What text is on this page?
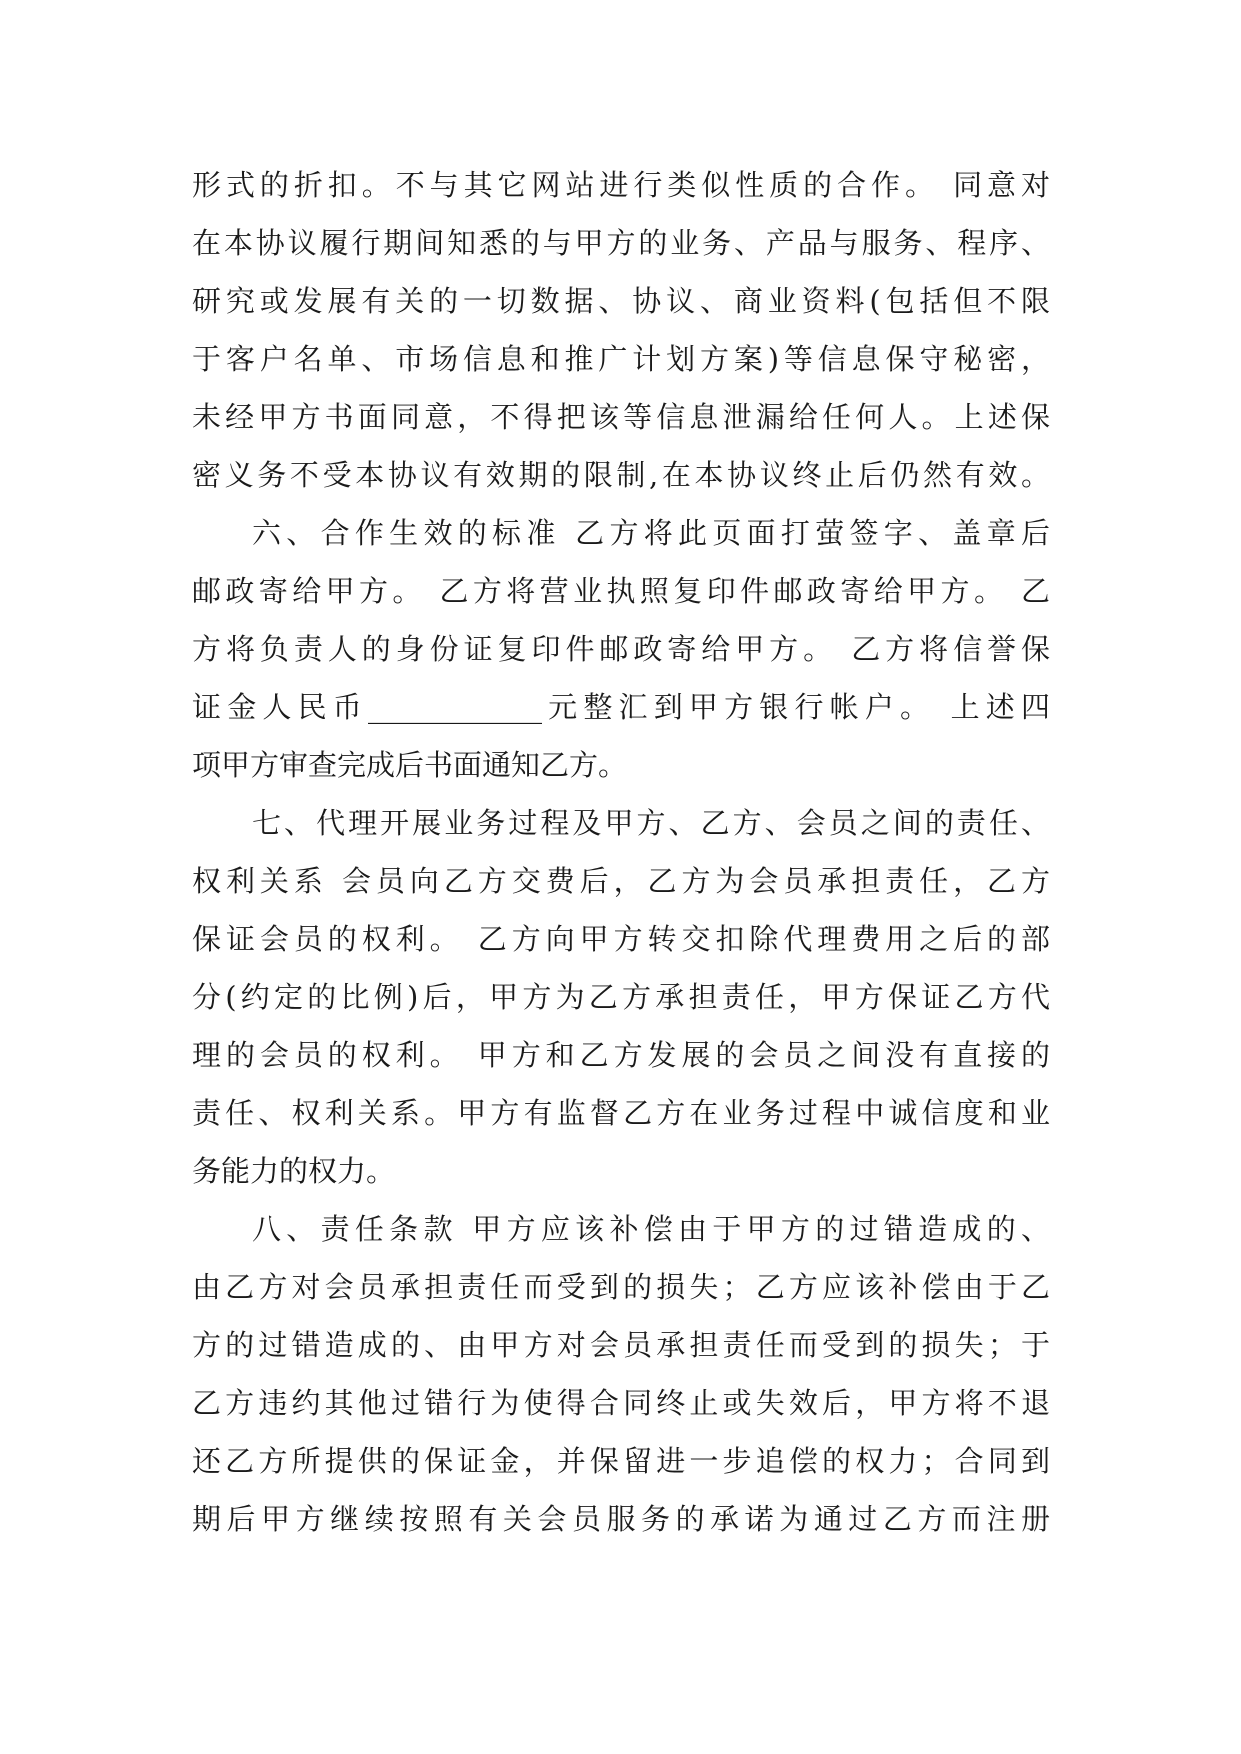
形式的折扣。不与其它网站进行类似性质的合作。 同意对
在本协议履行期间知悉的与甲方的业务、产品与服务、程序、
研究或发展有关的一切数据、协议、商业资料(包括但不限
于客户名单、市场信息和推广计划方案)等信息保守秘密，
未经甲方书面同意，不得把该等信息泄漏给任何人。上述保
密义务不受本协议有效期的限制,在本协议终止后仍然有效。
六、合作生效的标准 乙方将此页面打萤签字、盖章后
邮政寄给甲方。 乙方将营业执照复印件邮政寄给甲方。 乙
方将负责人的身份证复印件邮政寄给甲方。 乙方将信誉保
证金人民币____________元整汇到甲方银行帐户。 上述四
项甲方审查完成后书面通知乙方。
七、代理开展业务过程及甲方、乙方、会员之间的责任、
权利关系 会员向乙方交费后，乙方为会员承担责任，乙方
保证会员的权利。 乙方向甲方转交扣除代理费用之后的部
分(约定的比例)后，甲方为乙方承担责任，甲方保证乙方代
理的会员的权利。 甲方和乙方发展的会员之间没有直接的
责任、权利关系。甲方有监督乙方在业务过程中诚信度和业
务能力的权力。
八、责任条款 甲方应该补偿由于甲方的过错造成的、
由乙方对会员承担责任而受到的损失；乙方应该补偿由于乙
方的过错造成的、由甲方对会员承担责任而受到的损失；于
乙方违约其他过错行为使得合同终止或失效后，甲方将不退
还乙方所提供的保证金，并保留进一步追偿的权力；合同到
期后甲方继续按照有关会员服务的承诺为通过乙方而注册
